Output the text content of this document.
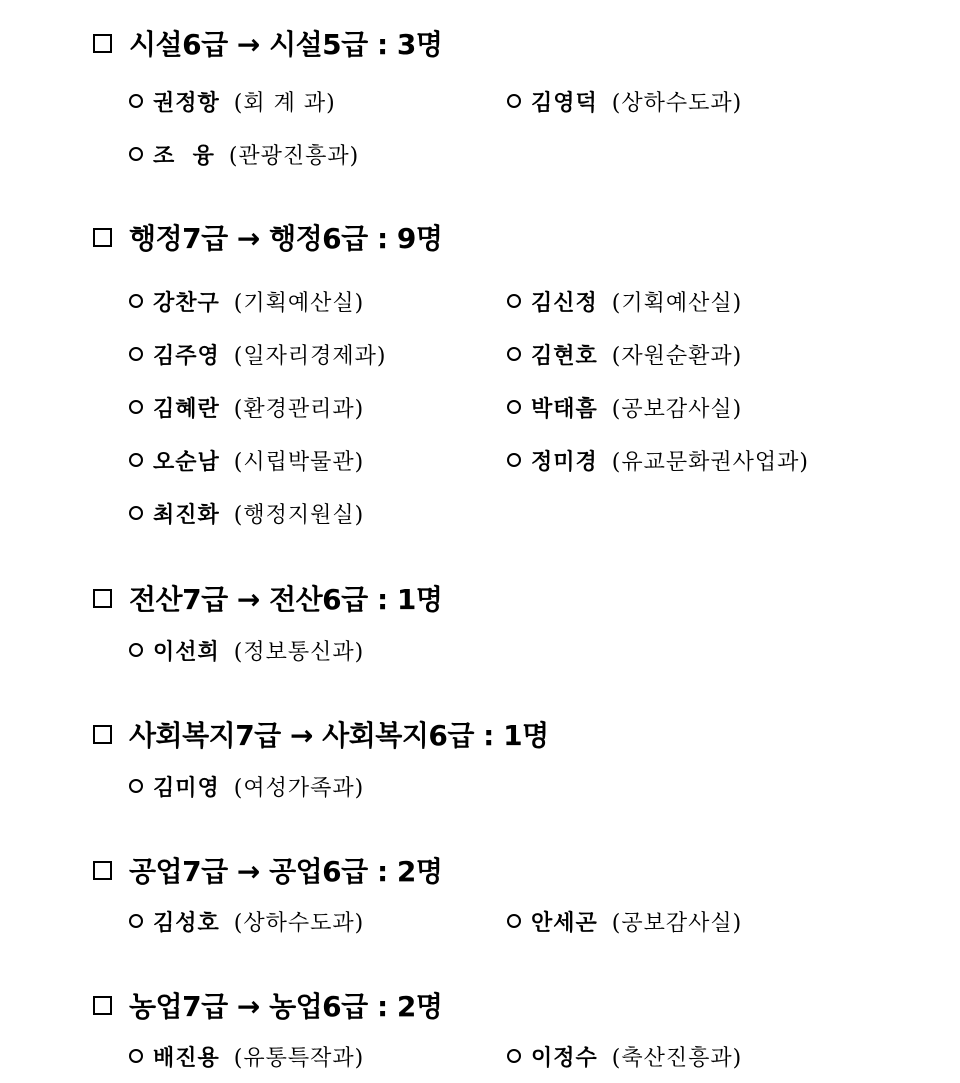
시설6급 → 시설5급 : 3명
권정항 (회 계 과)	김영덕 (상하수도과)
조  융 (관광진흥과)
행정7급 → 행정6급 : 9명
강찬구 (기획예산실)	김신정 (기획예산실)
김주영 (일자리경제과)	김현호 (자원순환과)
김혜란 (환경관리과)	박태흠 (공보감사실)
오순남 (시립박물관)	정미경 (유교문화권사업과)
최진화 (행정지원실)
전산7급 → 전산6급 : 1명
이선희 (정보통신과)
사회복지7급 → 사회복지6급 : 1명
김미영 (여성가족과)
공업7급 → 공업6급 : 2명
김성호 (상하수도과)	안세곤 (공보감사실)
농업7급 → 농업6급 : 2명
배진용 (유통특작과)	이정수 (축산진흥과)
